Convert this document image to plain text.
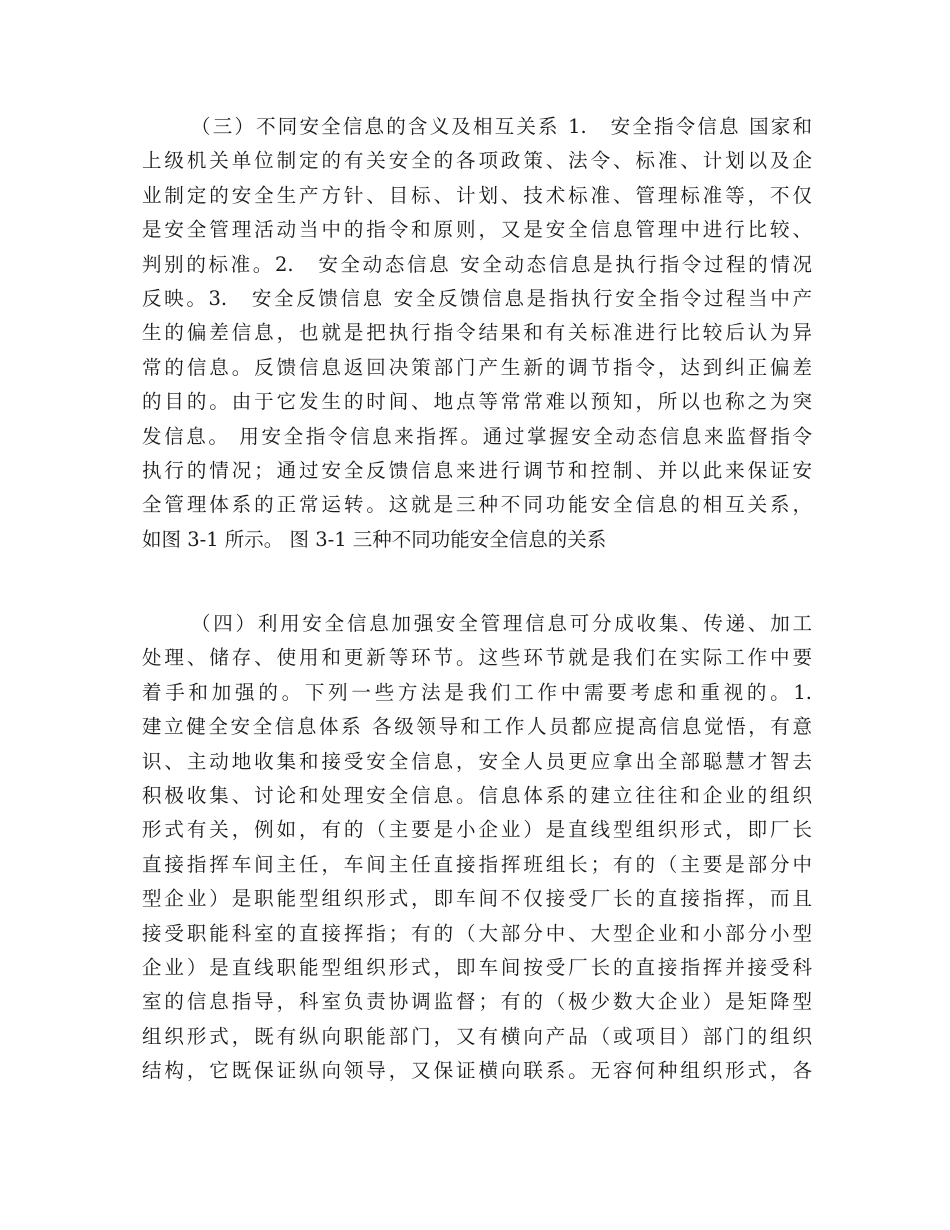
（三）不同安全信息的含义及相互关系 1.　安全指令信息 国家和
上级机关单位制定的有关安全的各项政策、法令、标准、计划以及企
业制定的安全生产方针、目标、计划、技术标准、管理标准等，不仅
是安全管理活动当中的指令和原则，又是安全信息管理中进行比较、
判别的标准。2.　安全动态信息 安全动态信息是执行指令过程的情况
反映。3.　安全反馈信息 安全反馈信息是指执行安全指令过程当中产
生的偏差信息，也就是把执行指令结果和有关标准进行比较后认为异
常的信息。反馈信息返回决策部门产生新的调节指令，达到纠正偏差
的目的。由于它发生的时间、地点等常常难以预知，所以也称之为突
发信息。 用安全指令信息来指挥。通过掌握安全动态信息来监督指令
执行的情况；通过安全反馈信息来进行调节和控制、并以此来保证安
全管理体系的正常运转。这就是三种不同功能安全信息的相互关系，
如图 3-1 所示。 图 3-1 三种不同功能安全信息的关系
（四）利用安全信息加强安全管理信息可分成收集、传递、加工
处理、储存、使用和更新等环节。这些环节就是我们在实际工作中要
着手和加强的。下列一些方法是我们工作中需要考虑和重视的。1.
建立健全安全信息体系 各级领导和工作人员都应提高信息觉悟，有意
识、主动地收集和接受安全信息，安全人员更应拿出全部聪慧才智去
积极收集、讨论和处理安全信息。信息体系的建立往往和企业的组织
形式有关，例如，有的（主要是小企业）是直线型组织形式，即厂长
直接指挥车间主任，车间主任直接指挥班组长；有的（主要是部分中
型企业）是职能型组织形式，即车间不仅接受厂长的直接指挥，而且
接受职能科室的直接挥指；有的（大部分中、大型企业和小部分小型
企业）是直线职能型组织形式，即车间按受厂长的直接指挥并接受科
室的信息指导，科室负责协调监督；有的（极少数大企业）是矩降型
组织形式，既有纵向职能部门，又有横向产品（或项目）部门的组织
结构，它既保证纵向领导，又保证横向联系。无容何种组织形式，各
